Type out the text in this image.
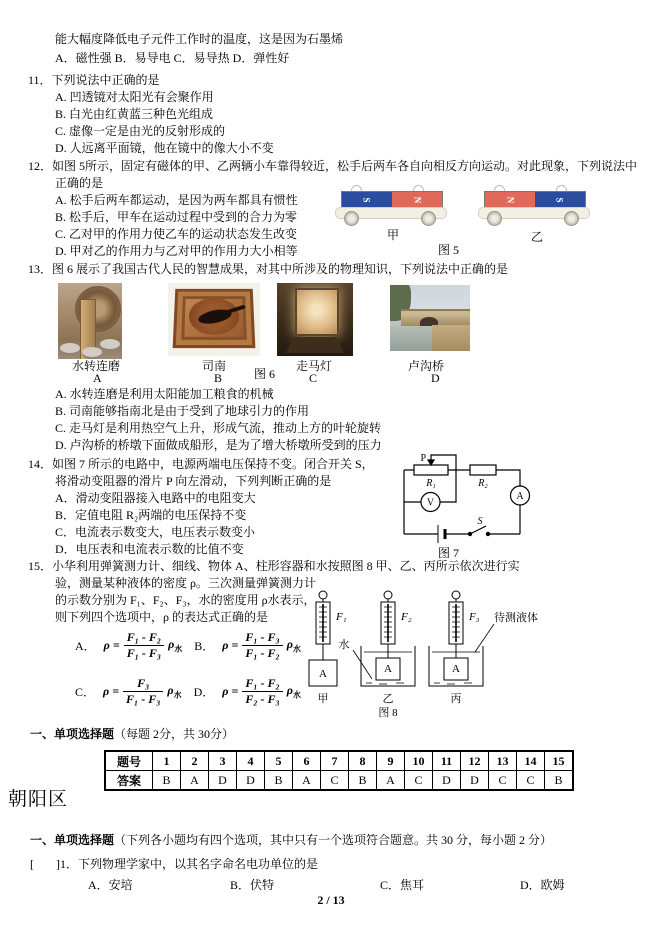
能大幅度降低电子元件工作时的温度，这是因为石墨烯
A．磁性强 B．易导电 C．易导热 D．弹性好
11．下列说法中正确的是
A. 凹透镜对太阳光有会聚作用
B. 白光由红黄蓝三种色光组成
C. 虚像一定是由光的反射形成的
D. 人远离平面镜，他在镜中的像大小不变
12．如图 5所示，固定有磁体的甲、乙两辆小车靠得较近，松手后两车各自向相反方向运动。对此现象，下列说法中
正确的是
A. 松手后两车都运动，是因为两车都具有惯性
B. 松手后，甲车在运动过程中受到的合力为零
C. 乙对甲的作用力使乙车的运动状态发生改变
D. 甲对乙的作用力与乙对甲的作用力大小相等
S	N	N	S
甲	乙
图 5
13．图 6 展示了我国古代人民的智慧成果，对其中所涉及的物理知识，下列说法中正确的是
水转连磨	司南	走马灯	卢沟桥
A	B	C	D
图 6
A. 水转连磨是利用太阳能加工粮食的机械
B. 司南能够指南北是由于受到了地球引力的作用
C. 走马灯是利用热空气上升，形成气流，推动上方的叶轮旋转
D. 卢沟桥的桥墩下面做成船形，是为了增大桥墩所受到的压力
14．如图 7 所示的电路中，电源两端电压保持不变。闭合开关 S，
将滑动变阻器的滑片 P 向左滑动，下列判断正确的是
A．滑动变阻器接入电路中的电阻变大
B．定值电阻 R₂两端的电压保持不变
C．电流表示数变大，电压表示数变小
D．电压表和电流表示数的比值不变
P
R₁	R₂
V
A
S
图 7
15．小华利用弹簧测力计、细线、物体 A、柱形容器和水按照图 8 甲、乙、丙所示依次进行实
验，测量某种液体的密度 ρ。三次测量弹簧测力计
的示数分别为 F₁、F₂、F₃，水的密度用 ρ水表示，
则下列四个选项中，ρ 的表达式正确的是
A． $\rho = \frac{\text{F₁ - F₂}}{\text{F₁ - F₃}} \rho_水$ B． $\rho = \frac{\text{F₁ - F₃}}{\text{F₁ - F₂}} \rho_水$
C． $\rho = \frac{\text{F₃}}{\text{F₁ - F₃}} \rho_水$ D． $\rho = \frac{\text{F₁ - F₂}}{\text{F₂ - F₃}} \rho_水$
F₁	F₂	F₃
A	A	A
水
待测液体
甲	乙	丙
图 8
一、单项选择题（每题 2分，共 30分）
题号	1	2	3	4	5	6	7	8	9	10	11	12	13	14	15
答案	B	A	D	D	B	A	C	B	A	C	D	D	C	C	B
朝阳区
一、单项选择题（下列各小题均有四个选项，其中只有一个选项符合题意。共 30 分，每小题 2 分）
[ ]1．下列物理学家中，以其名字命名电功单位的是
A．安培	B．伏特	C．焦耳	D．欧姆
2 / 13
